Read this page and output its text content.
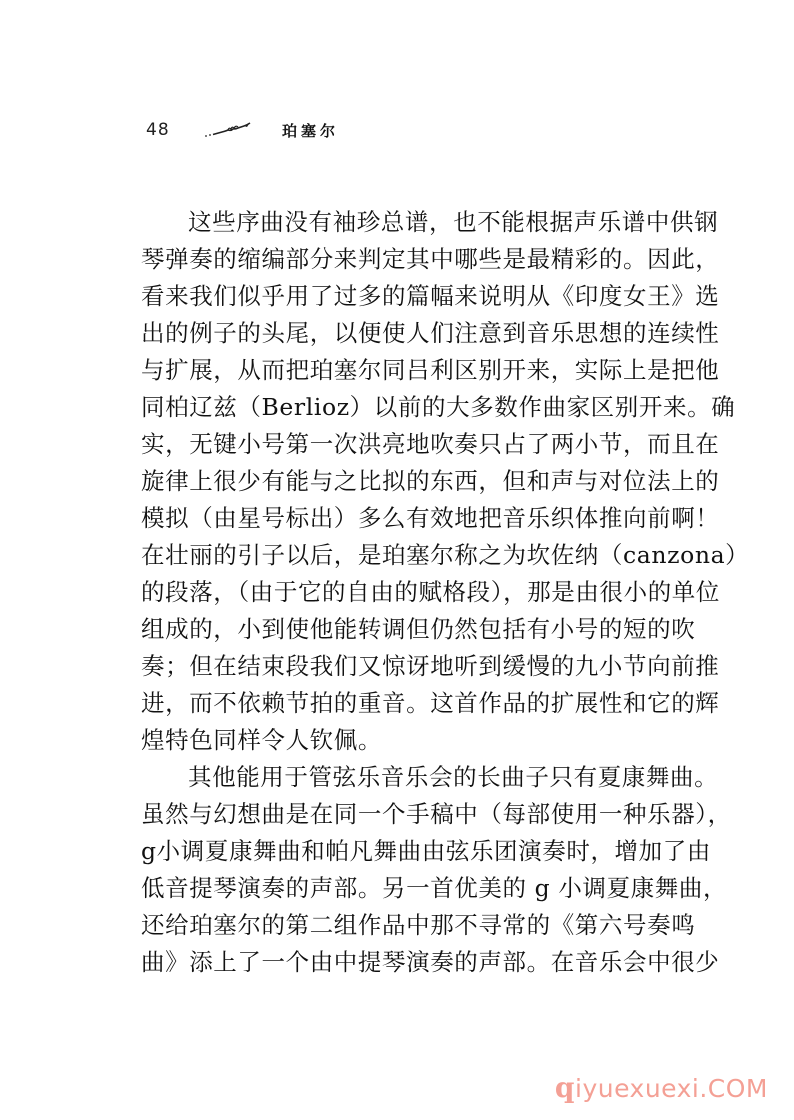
48	珀塞尔
这些序曲没有袖珍总谱，也不能根据声乐谱中供钢
琴弹奏的缩编部分来判定其中哪些是最精彩的。因此，
看来我们似乎用了过多的篇幅来说明从《印度女王》选
出的例子的头尾，以便使人们注意到音乐思想的连续性
与扩展，从而把珀塞尔同吕利区别开来，实际上是把他
同柏辽兹（Berlioz）以前的大多数作曲家区别开来。确
实，无键小号第一次洪亮地吹奏只占了两小节，而且在
旋律上很少有能与之比拟的东西，但和声与对位法上的
模拟（由星号标出）多么有效地把音乐织体推向前啊！
在壮丽的引子以后，是珀塞尔称之为坎佐纳（canzona）
的段落，（由于它的自由的赋格段），那是由很小的单位
组成的，小到使他能转调但仍然包括有小号的短的吹
奏；但在结束段我们又惊讶地听到缓慢的九小节向前推
进，而不依赖节拍的重音。这首作品的扩展性和它的辉
煌特色同样令人钦佩。
其他能用于管弦乐音乐会的长曲子只有夏康舞曲。
虽然与幻想曲是在同一个手稿中（每部使用一种乐器），
g小调夏康舞曲和帕凡舞曲由弦乐团演奏时，增加了由
低音提琴演奏的声部。另一首优美的 g 小调夏康舞曲，
还给珀塞尔的第二组作品中那不寻常的《第六号奏鸣
曲》添上了一个由中提琴演奏的声部。在音乐会中很少
qiyuexuexi.COM
